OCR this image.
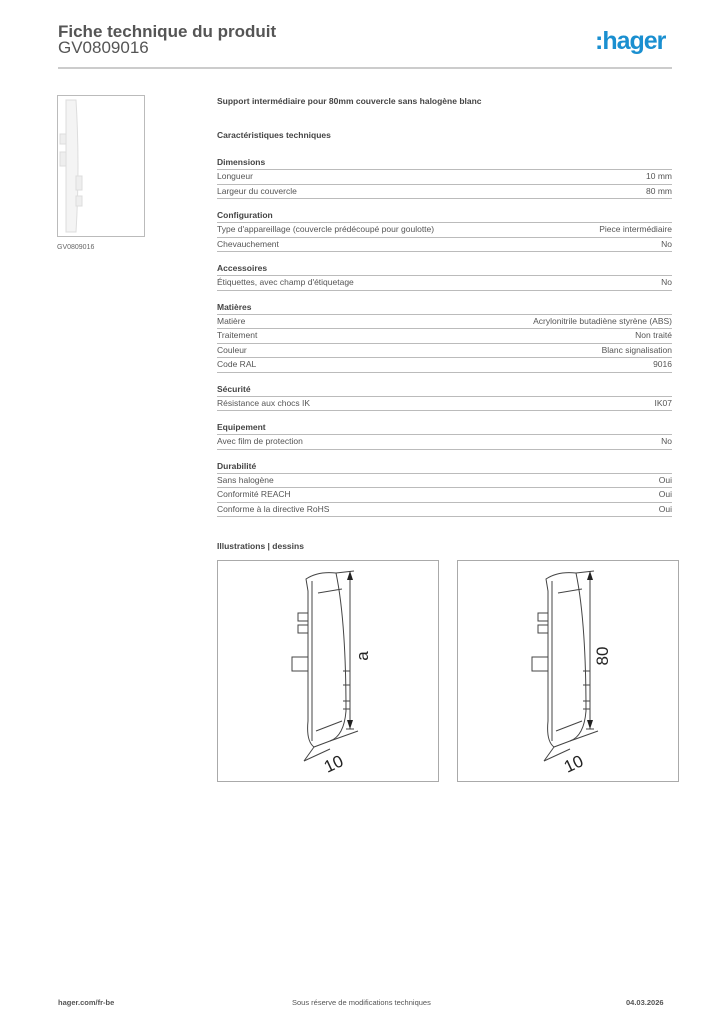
Fiche technique du produit
GV0809016	:hager
GV0809016
Support intermédiaire pour 80mm couvercle sans halogène blanc
Caractéristiques techniques
Dimensions
Longueur	10 mm
Largeur du couvercle	80 mm
Configuration
Type d'appareillage (couvercle prédécoupé pour goulotte)	Piece intermédiaire
Chevauchement	No
Accessoires
Étiquettes, avec champ d'étiquetage	No
Matières
Matière	Acrylonitrile butadiène styrène (ABS)
Traitement	Non traité
Couleur	Blanc signalisation
Code RAL	9016
Sécurité
Résistance aux chocs IK	IK07
Equipement
Avec film de protection	No
Durabilité
Sans halogène	Oui
Conformité REACH	Oui
Conforme à la directive RoHS	Oui
Illustrations | dessins
a
10
80
10
hager.com/fr-be	Sous réserve de modifications techniques	04.03.2026
